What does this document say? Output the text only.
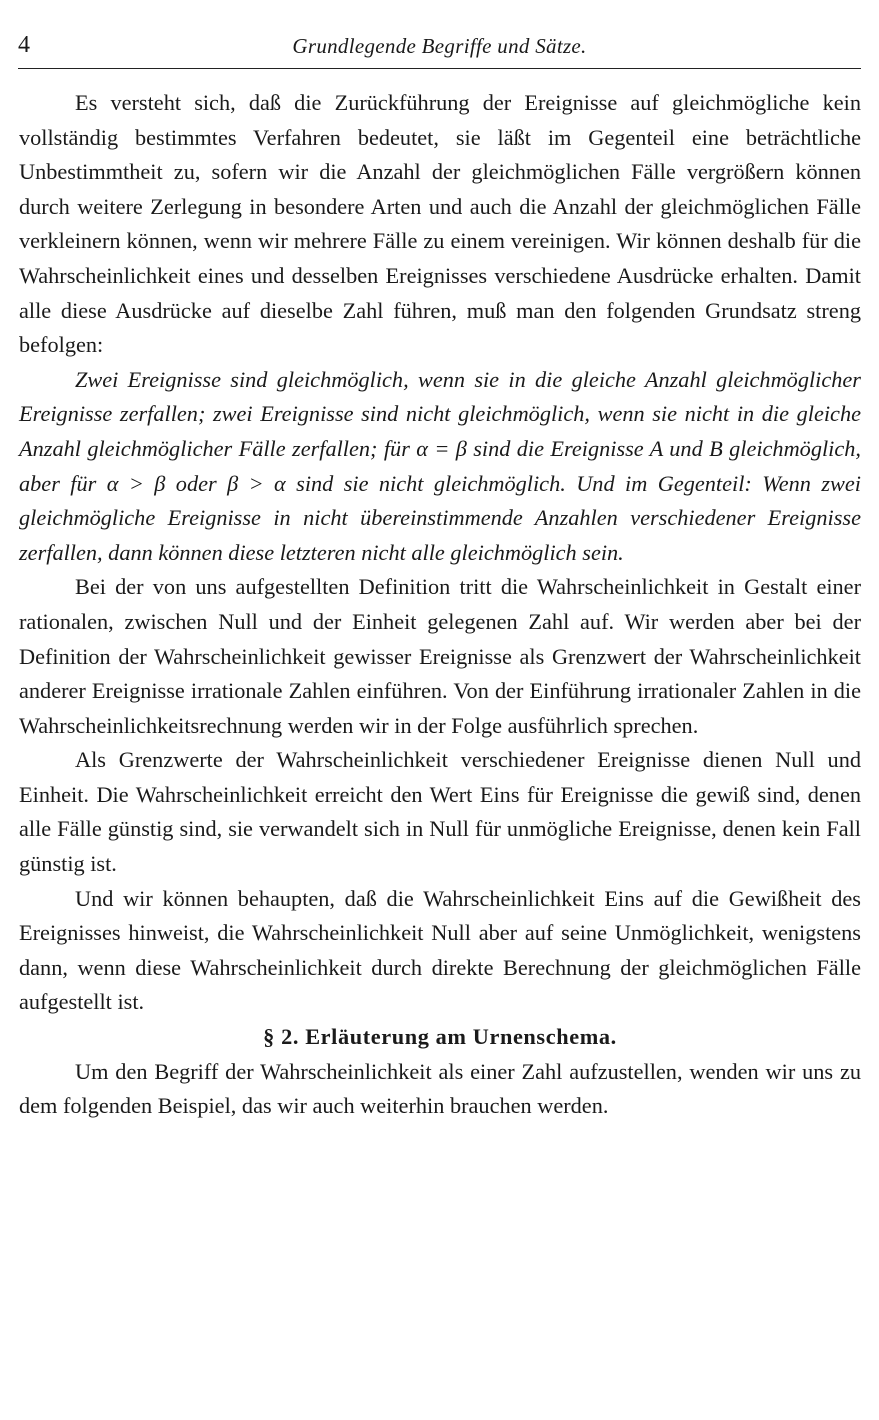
4	Grundlegende Begriffe und Sätze.

Es versteht sich, daß die Zurückführung der Ereignisse auf gleichmögliche kein vollständig bestimmtes Verfahren bedeutet, sie läßt im Gegenteil eine beträchtliche Unbestimmtheit zu, sofern wir die Anzahl der gleichmöglichen Fälle vergrößern können durch weitere Zerlegung in besondere Arten und auch die Anzahl der gleichmöglichen Fälle verkleinern können, wenn wir mehrere Fälle zu einem vereinigen. Wir können deshalb für die Wahrscheinlichkeit eines und desselben Ereignisses verschiedene Ausdrücke erhalten. Damit alle diese Ausdrücke auf dieselbe Zahl führen, muß man den folgenden Grundsatz streng befolgen:

Zwei Ereignisse sind gleichmöglich, wenn sie in die gleiche Anzahl gleichmöglicher Ereignisse zerfallen; zwei Ereignisse sind nicht gleichmöglich, wenn sie nicht in die gleiche Anzahl gleichmöglicher Fälle zerfallen; für α = β sind die Ereignisse A und B gleichmöglich, aber für α > β oder β > α sind sie nicht gleichmöglich. Und im Gegenteil: Wenn zwei gleichmögliche Ereignisse in nicht übereinstimmende Anzahlen verschiedener Ereignisse zerfallen, dann können diese letzteren nicht alle gleichmöglich sein.

Bei der von uns aufgestellten Definition tritt die Wahrscheinlichkeit in Gestalt einer rationalen, zwischen Null und der Einheit gelegenen Zahl auf. Wir werden aber bei der Definition der Wahrscheinlichkeit gewisser Ereignisse als Grenzwert der Wahrscheinlichkeit anderer Ereignisse irrationale Zahlen einführen. Von der Einführung irrationaler Zahlen in die Wahrscheinlichkeitsrechnung werden wir in der Folge ausführlich sprechen.

Als Grenzwerte der Wahrscheinlichkeit verschiedener Ereignisse dienen Null und Einheit. Die Wahrscheinlichkeit erreicht den Wert Eins für Ereignisse die gewiß sind, denen alle Fälle günstig sind, sie verwandelt sich in Null für unmögliche Ereignisse, denen kein Fall günstig ist.

Und wir können behaupten, daß die Wahrscheinlichkeit Eins auf die Gewißheit des Ereignisses hinweist, die Wahrscheinlichkeit Null aber auf seine Unmöglichkeit, wenigstens dann, wenn diese Wahrscheinlichkeit durch direkte Berechnung der gleichmöglichen Fälle aufgestellt ist.

§ 2. Erläuterung am Urnenschema.

Um den Begriff der Wahrscheinlichkeit als einer Zahl aufzustellen, wenden wir uns zu dem folgenden Beispiel, das wir auch weiterhin brauchen werden.
